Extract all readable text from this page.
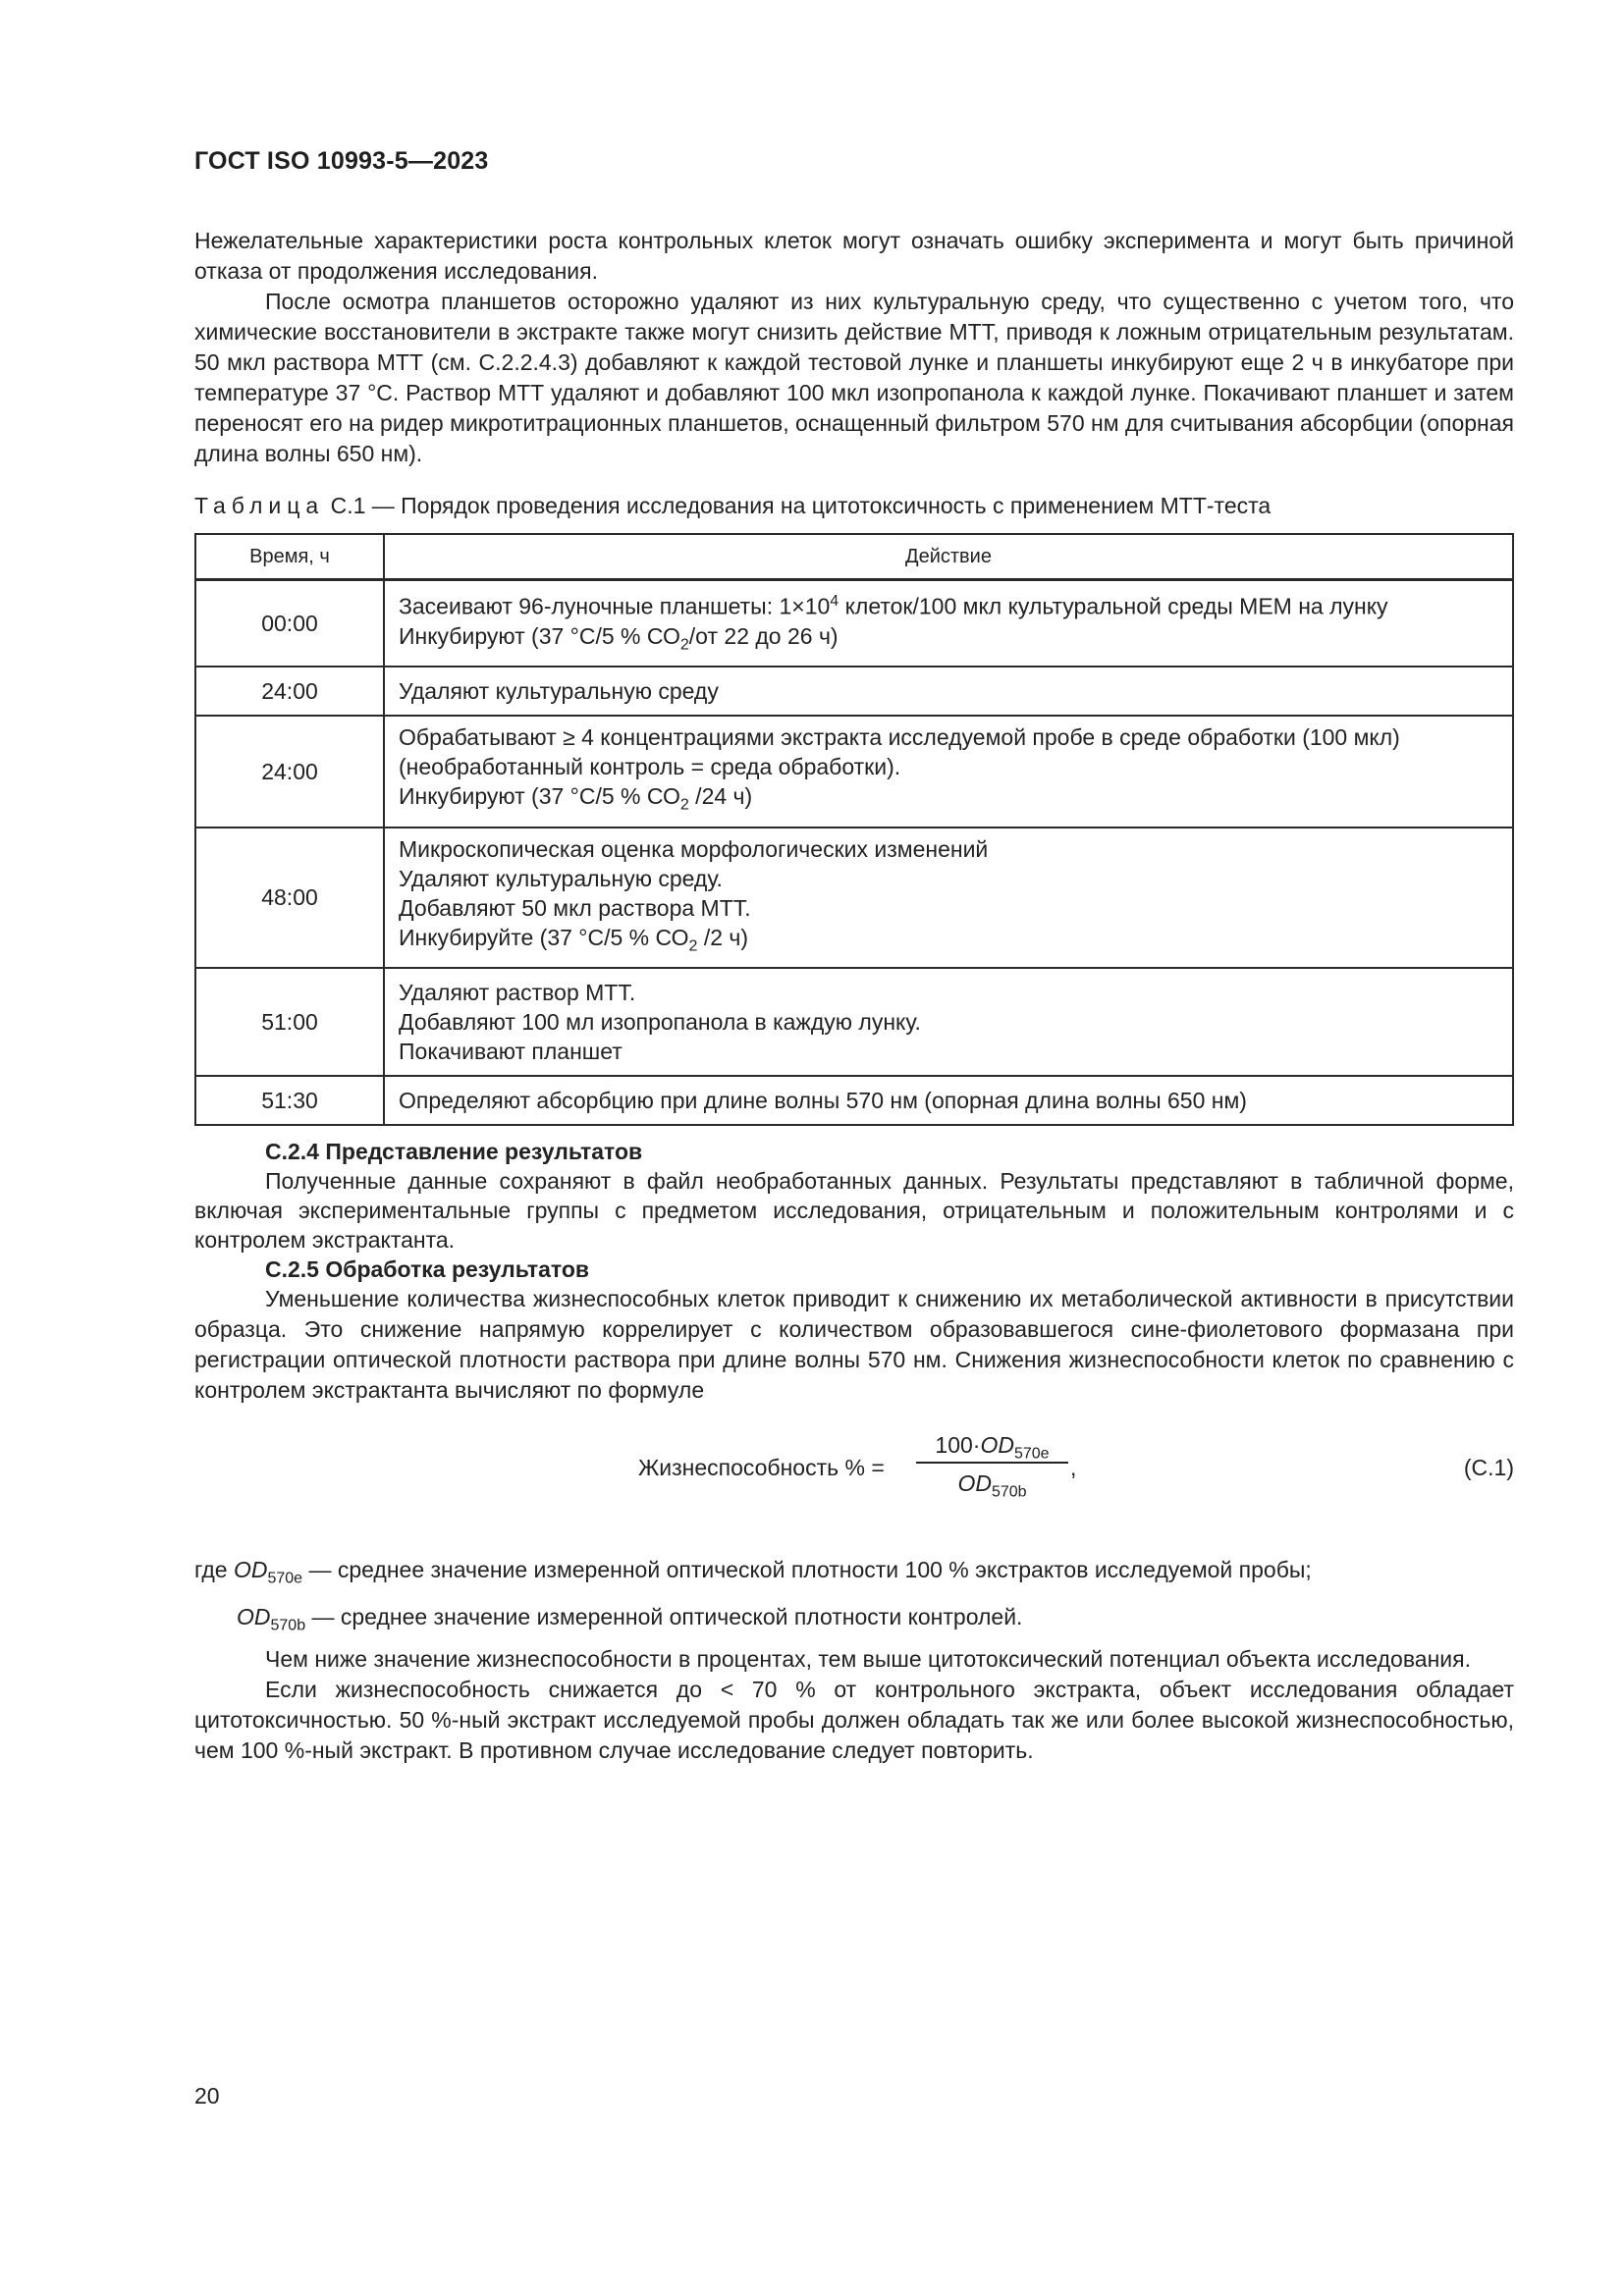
ГОСТ ISO 10993-5—2023

Нежелательные характеристики роста контрольных клеток могут означать ошибку эксперимента и могут быть причиной отказа от продолжения исследования.

После осмотра планшетов осторожно удаляют из них культуральную среду, что существенно с учетом того, что химические восстановители в экстракте также могут снизить действие МТТ, приводя к ложным отрицательным результатам. 50 мкл раствора МТТ (см. С.2.2.4.3) добавляют к каждой тестовой лунке и планшеты инкубируют еще 2 ч в инкубаторе при температуре 37 °С. Раствор МТТ удаляют и добавляют 100 мкл изопропанола к каждой лунке. Покачивают планшет и затем переносят его на ридер микротитрационных планшетов, оснащенный фильтром 570 нм для считывания абсорбции (опорная длина волны 650 нм).

Таблица С.1 — Порядок проведения исследования на цитотоксичность с применением МТТ-теста
Время, ч	Действие
00:00	Засеивают 96-луночные планшеты: $1\times 10^4$ клеток/100 мкл культуральной среды МЕМ на лунку
Инкубируют (37 °С/5 % $СО_2/от$ 22 до 26 ч)

24:00	Удаляют культуральную среду

24:00	Обрабатывают ≥ 4 концентрациями экстракта исследуемой пробе в среде обработки (100 мкл)
(необработанный контроль = среда обработки).
Инкубируют (37 °С/5 % $СО_2$ /24 ч)

48:00	Микроскопическая оценка морфологических изменений
Удаляют культуральную среду.
Добавляют 50 мкл раствора МТТ.
Инкубируйте (37 °С/5 % $СО_2$ /2 ч)

51:00	Удаляют раствор МТТ.
Добавляют 100 мл изопропанола в каждую лунку.
Покачивают планшет

51:30	Определяют абсорбцию при длине волны 570 нм (опорная длина волны 650 нм)

С.2.4 Представление результатов

Полученные данные сохраняют в файл необработанных данных. Результаты представляют в табличной форме, включая экспериментальные группы с предметом исследования, отрицательным и положительным контролями и с контролем экстрактанта.

С.2.5 Обработка результатов

Уменьшение количества жизнеспособных клеток приводит к снижению их метаболической активности в присутствии образца. Это снижение напрямую коррелирует с количеством образовавшегося сине-фиолетового формазана при регистрации оптической плотности раствора при длине волны 570 нм. Снижения жизнеспособности клеток по сравнению с контролем экстрактанта вычисляют по формуле

Жизнеспособность % =
$100\cdot OD_{570e}$
$OD_{570b}$
,	(С.1)
где $OD_{570e}$ — среднее значение измеренной оптической плотности 100 % экстрактов исследуемой пробы;
$OD_{570b}$ — среднее значение измеренной оптической плотности контролей.

Чем ниже значение жизнеспособности в процентах, тем выше цитотоксический потенциал объекта исследования.

Если жизнеспособность снижается до < 70 % от контрольного экстракта, объект исследования обладает цитотоксичностью. 50 %-ный экстракт исследуемой пробы должен обладать так же или более высокой жизнеспособностью, чем 100 %-ный экстракт. В противном случае исследование следует повторить.

20
